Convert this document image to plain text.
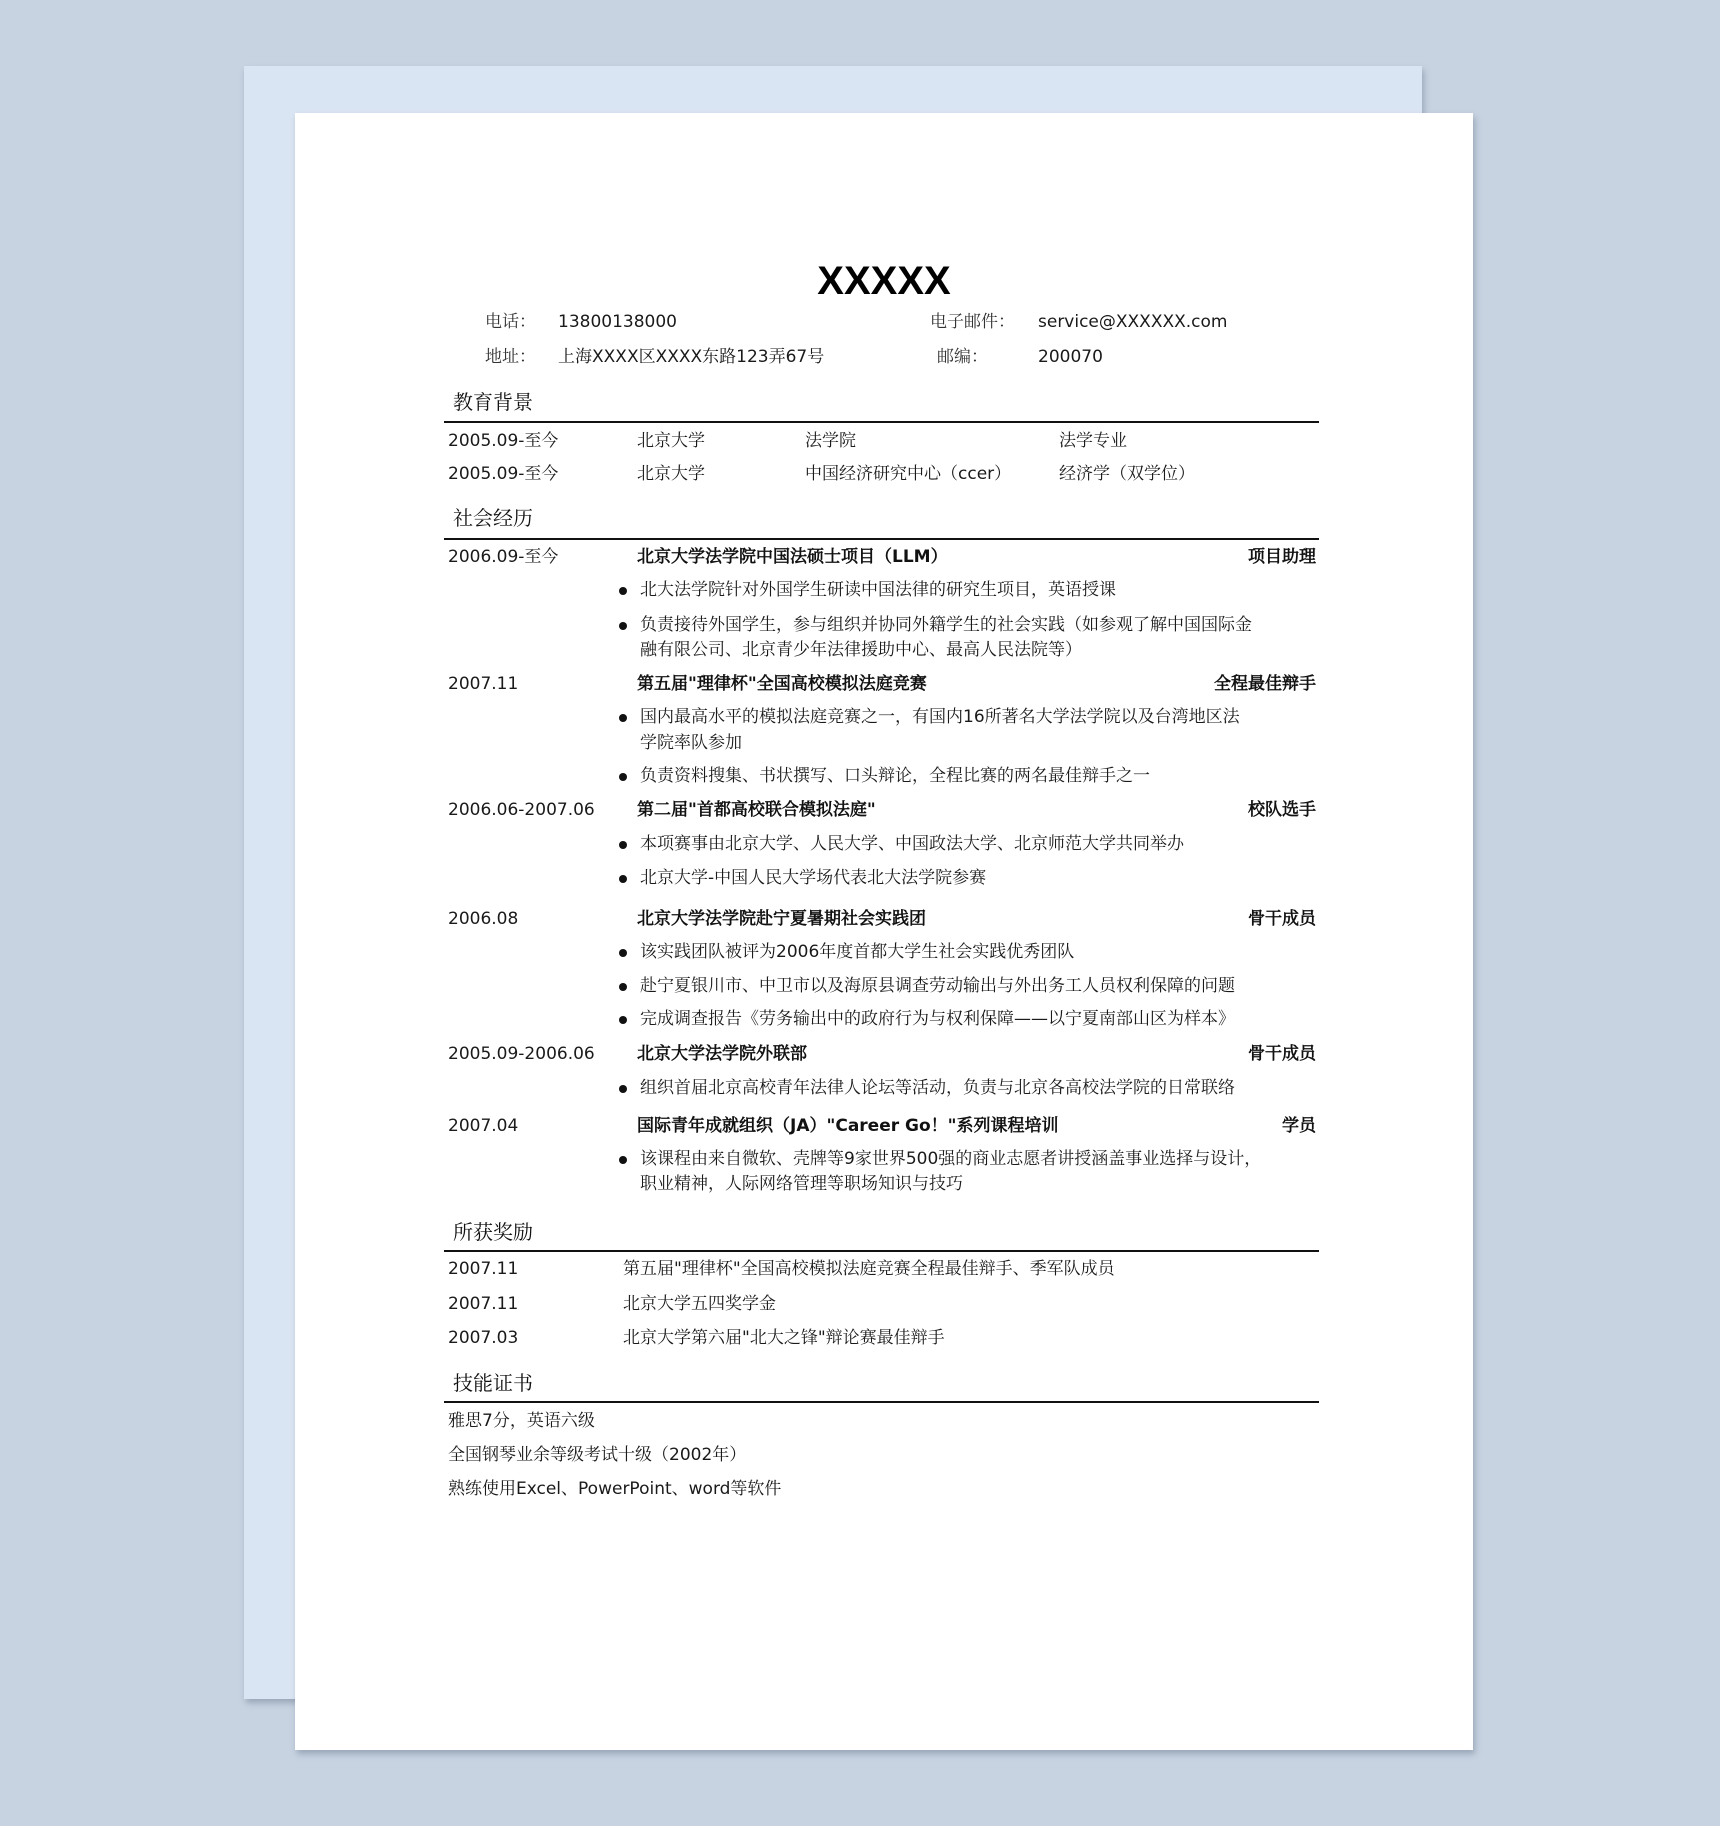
XXXXX
电话： 13800138000	电子邮件： service@XXXXXX.com
地址： 上海XXXX区XXXX东路123弄67号	邮编：	200070
教育背景
2005.09-至今	北京大学	法学院	法学专业
2005.09-至今	北京大学	中国经济研究中心（ccer）	经济学（双学位）
社会经历
2006.09-至今	北京大学法学院中国法硕士项目（LLM）	项目助理
北大法学院针对外国学生研读中国法律的研究生项目，英语授课
负责接待外国学生，参与组织并协同外籍学生的社会实践（如参观了解中国国际金
融有限公司、北京青少年法律援助中心、最高人民法院等）
2007.11	第五届"理律杯"全国高校模拟法庭竞赛	全程最佳辩手
国内最高水平的模拟法庭竞赛之一，有国内16所著名大学法学院以及台湾地区法
学院率队参加
负责资料搜集、书状撰写、口头辩论，全程比赛的两名最佳辩手之一
2006.06-2007.06 第二届"首都高校联合模拟法庭"	校队选手
本项赛事由北京大学、人民大学、中国政法大学、北京师范大学共同举办
北京大学-中国人民大学场代表北大法学院参赛
2006.08	北京大学法学院赴宁夏暑期社会实践团	骨干成员
该实践团队被评为2006年度首都大学生社会实践优秀团队
赴宁夏银川市、中卫市以及海原县调查劳动输出与外出务工人员权利保障的问题
完成调查报告《劳务输出中的政府行为与权利保障——以宁夏南部山区为样本》
2005.09-2006.06 北京大学法学院外联部	骨干成员
组织首届北京高校青年法律人论坛等活动，负责与北京各高校法学院的日常联络
2007.04	国际青年成就组织（JA）"Career Go！"系列课程培训	学员
该课程由来自微软、壳牌等9家世界500强的商业志愿者讲授涵盖事业选择与设计，
职业精神，人际网络管理等职场知识与技巧
所获奖励
2007.11	第五届"理律杯"全国高校模拟法庭竞赛全程最佳辩手、季军队成员
2007.11	北京大学五四奖学金
2007.03	北京大学第六届"北大之锋"辩论赛最佳辩手
技能证书
雅思7分，英语六级
全国钢琴业余等级考试十级（2002年）
熟练使用Excel、PowerPoint、word等软件
